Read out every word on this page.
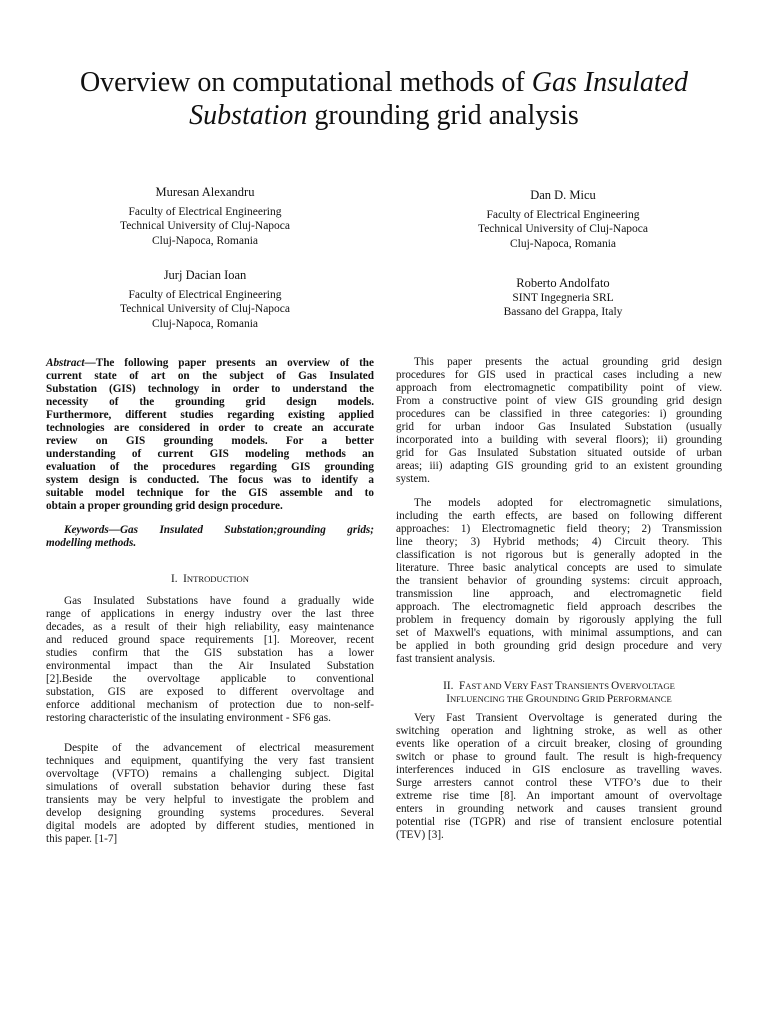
Overview on computational methods of Gas Insulated
Substation grounding grid analysis
Muresan Alexandru
Faculty of Electrical Engineering
Technical University of Cluj-Napoca
Cluj-Napoca, Romania
Dan D. Micu
Faculty of Electrical Engineering
Technical University of Cluj-Napoca
Cluj-Napoca, Romania
Jurj Dacian Ioan
Faculty of Electrical Engineering
Technical University of Cluj-Napoca
Cluj-Napoca, Romania
Roberto Andolfato
SINT Ingegneria SRL
Bassano del Grappa, Italy
Abstract—The following paper presents an overview of the
current state of art on the subject of Gas Insulated
Substation (GIS) technology in order to understand the
necessity of the grounding grid design models.
Furthermore, different studies regarding existing applied
technologies are considered in order to create an accurate
review on GIS grounding models. For a better
understanding of current GIS modeling methods an
evaluation of the procedures regarding GIS grounding
system design is conducted. The focus was to identify a
suitable model technique for the GIS assemble and to
obtain a proper grounding grid design procedure.
Keywords—Gas Insulated Substation;grounding grids;
modelling methods.
I. INTRODUCTION
Gas Insulated Substations have found a gradually wide
range of applications in energy industry over the last three
decades, as a result of their high reliability, easy maintenance
and reduced ground space requirements [1]. Moreover, recent
studies confirm that the GIS substation has a lower
environmental impact than the Air Insulated Substation
[2].Beside the overvoltage applicable to conventional
substation, GIS are exposed to different overvoltage and
enforce additional mechanism of protection due to non-self-
restoring characteristic of the insulating environment - SF6 gas.
Despite of the advancement of electrical measurement
techniques and equipment, quantifying the very fast transient
overvoltage (VFTO) remains a challenging subject. Digital
simulations of overall substation behavior during these fast
transients may be very helpful to investigate the problem and
develop designing grounding systems procedures. Several
digital models are adopted by different studies, mentioned in
this paper. [1-7]
This paper presents the actual grounding grid design
procedures for GIS used in practical cases including a new
approach from electromagnetic compatibility point of view.
From a constructive point of view GIS grounding grid design
procedures can be classified in three categories: i) grounding
grid for urban indoor Gas Insulated Substation (usually
incorporated into a building with several floors); ii) grounding
grid for Gas Insulated Substation situated outside of urban
areas; iii) adapting GIS grounding grid to an existent grounding
system.
The models adopted for electromagnetic simulations,
including the earth effects, are based on following different
approaches: 1) Electromagnetic field theory; 2) Transmission
line theory; 3) Hybrid methods; 4) Circuit theory. This
classification is not rigorous but is generally adopted in the
literature. Three basic analytical concepts are used to simulate
the transient behavior of grounding systems: circuit approach,
transmission line approach, and electromagnetic field
approach. The electromagnetic field approach describes the
problem in frequency domain by rigorously applying the full
set of Maxwell's equations, with minimal assumptions, and can
be applied in both grounding grid design procedure and very
fast transient analysis.
II. FAST AND VERY FAST TRANSIENTS OVERVOLTAGE
INFLUENCING THE GROUNDING GRID PERFORMANCE
Very Fast Transient Overvoltage is generated during the
switching operation and lightning stroke, as well as other
events like operation of a circuit breaker, closing of grounding
switch or phase to ground fault. The result is high-frequency
interferences induced in GIS enclosure as travelling waves.
Surge arresters cannot control these VTFO’s due to their
extreme rise time [8]. An important amount of overvoltage
enters in grounding network and causes transient ground
potential rise (TGPR) and rise of transient enclosure potential
(TEV) [3].
